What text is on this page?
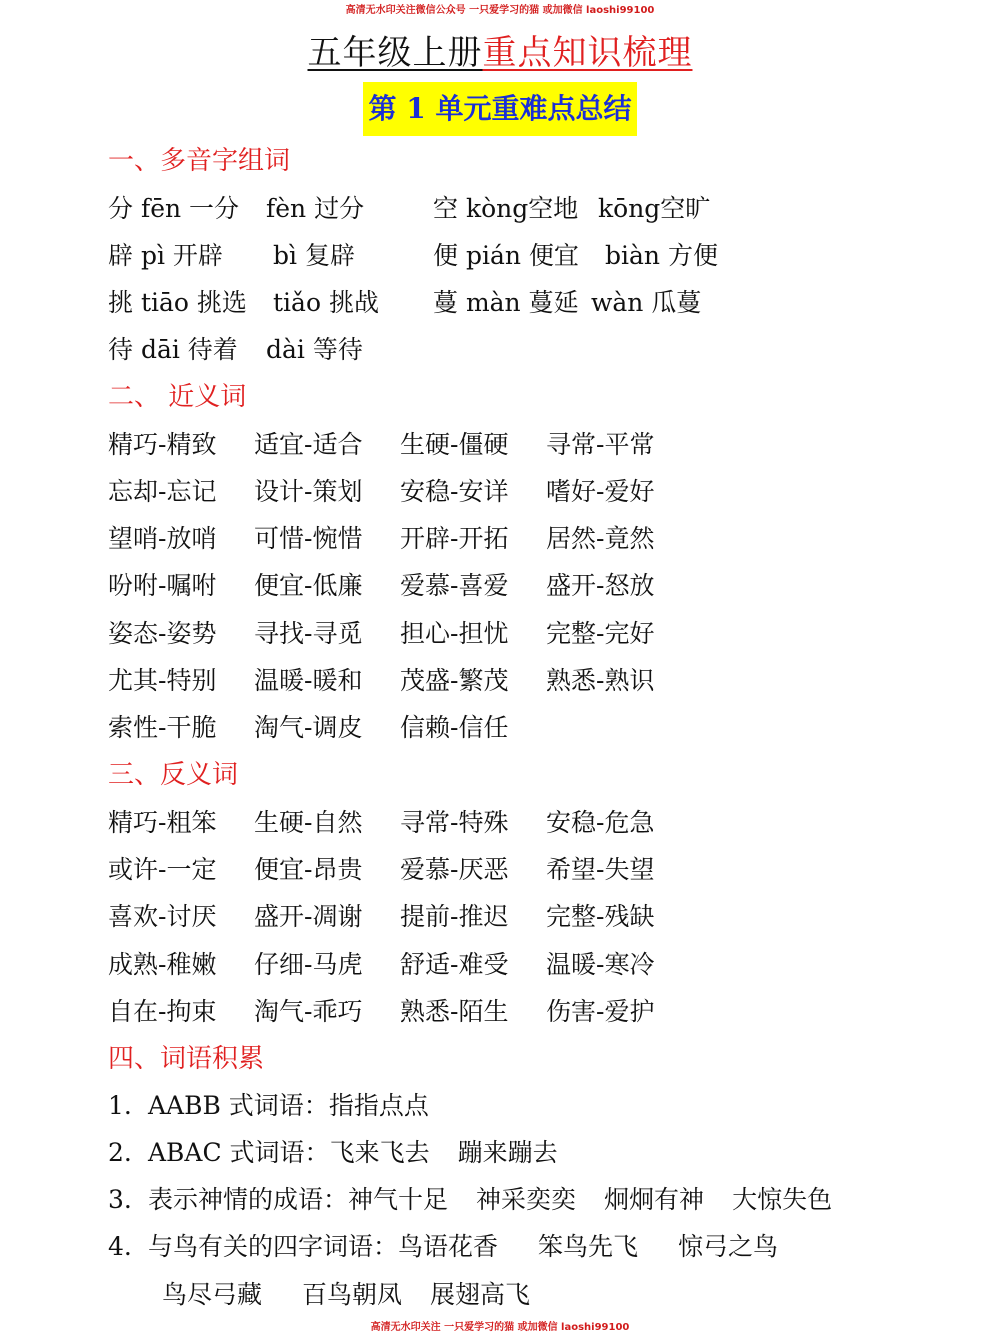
高清无水印关注微信公众号 一只爱学习的猫 或加微信 laoshi99100
五年级上册重点知识梳理
第 1 单元重难点总结
一、多音字组词
分 fēn 一分 fèn 过分	空 kòng空地 kōng空旷
辟 pì 开辟 bì 复辟	便 pián 便宜 biàn 方便
挑 tiāo 挑选 tiǎo 挑战 蔓 màn 蔓延 wàn 瓜蔓
待 dāi 待着 dài 等待
二、 近义词
精巧-精致 适宜-适合 生硬-僵硬 寻常-平常
忘却-忘记 设计-策划 安稳-安详 嗜好-爱好
望哨-放哨 可惜-惋惜 开辟-开拓 居然-竟然
吩咐-嘱咐 便宜-低廉 爱慕-喜爱 盛开-怒放
姿态-姿势 寻找-寻觅 担心-担忧 完整-完好
尤其-特别 温暖-暖和 茂盛-繁茂 熟悉-熟识
索性-干脆 淘气-调皮 信赖-信任
三、反义词
精巧-粗笨 生硬-自然 寻常-特殊 安稳-危急
或许-一定 便宜-昂贵 爱慕-厌恶 希望-失望
喜欢-讨厌 盛开-凋谢 提前-推迟 完整-残缺
成熟-稚嫩 仔细-马虎 舒适-难受 温暖-寒冷
自在-拘束 淘气-乖巧 熟悉-陌生 伤害-爱护
四、词语积累
1. AABB 式词语：指指点点
2. ABAC 式词语：飞来飞去 蹦来蹦去
3. 表示神情的成语：神气十足 神采奕奕 炯炯有神 大惊失色
4. 与鸟有关的四字词语：鸟语花香 笨鸟先飞 惊弓之鸟
鸟尽弓藏 百鸟朝凤 展翅高飞
高清无水印关注 一只爱学习的猫 或加微信 laoshi99100
